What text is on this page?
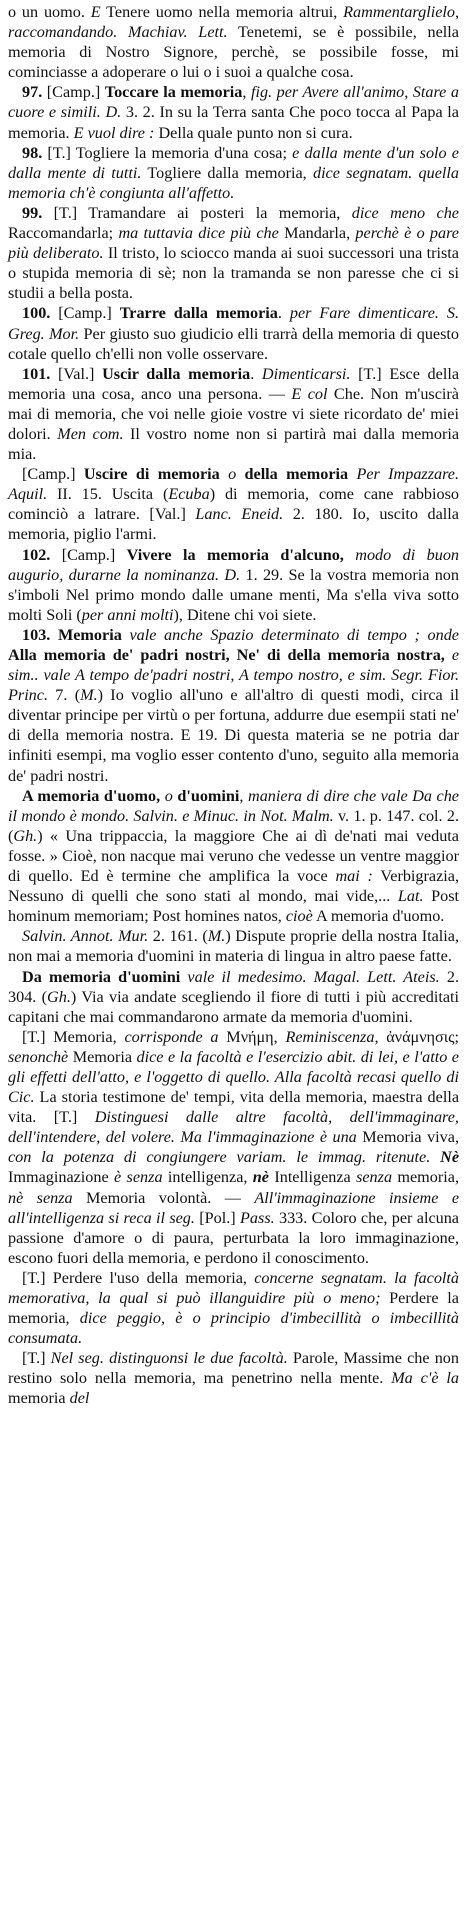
o un uomo. E Tenere uomo nella memoria altrui, Rammentarglielo, raccomandando. Machiav. Lett. Tenetemi, se è possibile, nella memoria di Nostro Signore, perchè, se possibile fosse, mi cominciasse a adoperare o lui o i suoi a qualche cosa.

97. [Camp.] Toccare la memoria, fig. per Avere all'animo, Stare a cuore e simili. D. 3. 2. In su la Terra santa Che poco tocca al Papa la memoria. E vuol dire : Della quale punto non si cura.

98. [T.] Togliere la memoria d'una cosa; e dalla mente d'un solo e dalla mente di tutti. Togliere dalla memoria, dice segnatam. quella memoria ch'è congiunta all'affetto.

99. [T.] Tramandare ai posteri la memoria, dice meno che Raccomandarla; ma tuttavia dice più che Mandarla, perchè è o pare più deliberato. Il tristo, lo sciocco manda ai suoi successori una trista o stupida memoria di sè; non la tramanda se non paresse che ci si studii a bella posta.

100. [Camp.] Trarre dalla memoria. per Fare dimenticare. S. Greg. Mor. Per giusto suo giudicio elli trarrà della memoria di questo cotale quello ch'elli non volle osservare.

101. [Val.] Uscir dalla memoria. Dimenticarsi. [T.] Esce della memoria una cosa, anco una persona. — E col Che. Non m'uscirà mai di memoria, che voi nelle gioie vostre vi siete ricordato de' miei dolori. Men com. Il vostro nome non si partirà mai dalla memoria mia.

[Camp.] Uscire di memoria o della memoria Per Impazzare. Aquil. II. 15. Uscita (Ecuba) di memoria, come cane rabbioso cominciò a latrare. [Val.] Lanc. Eneid. 2. 180. Io, uscito dalla memoria, piglio l'armi.

102. [Camp.] Vivere la memoria d'alcuno, modo di buon augurio, durarne la nominanza. D. 1. 29. Se la vostra memoria non s'imboli Nel primo mondo dalle umane menti, Ma s'ella viva sotto molti Soli (per anni molti), Ditene chi voi siete.

103. Memoria vale anche Spazio determinato di tempo ; onde Alla memoria de' padri nostri, Ne' di della memoria nostra, e sim.. vale A tempo de'padri nostri, A tempo nostro, e sim. Segr. Fior. Princ. 7. (M.) Io voglio all'uno e all'altro di questi modi, circa il diventar principe per virtù o per fortuna, addurre due esempii stati ne' di della memoria nostra. E 19. Di questa materia se ne potria dar infiniti esempi, ma voglio esser contento d'uno, seguito alla memoria de' padri nostri.

A memoria d'uomo, o d'uomini, maniera di dire che vale Da che il mondo è mondo. Salvin. e Minuc. in Not. Malm. v. 1. p. 147. col. 2. (Gh.) « Una trippaccia, la maggiore Che ai dì de'nati mai veduta fosse. » Cioè, non nacque mai veruno che vedesse un ventre maggior di quello. Ed è termine che amplifica la voce mai : Verbigrazia, Nessuno di quelli che sono stati al mondo, mai vide,... Lat. Post hominum memoriam; Post homines natos, cioè A memoria d'uomo.

Salvin. Annot. Mur. 2. 161. (M.) Dispute proprie della nostra Italia, non mai a memoria d'uomini in materia di lingua in altro paese fatte.

Da memoria d'uomini vale il medesimo. Magal. Lett. Ateis. 2. 304. (Gh.) Via via andate scegliendo il fiore di tutti i più accreditati capitani che mai commandarono armate da memoria d'uomini.

[T.] Memoria, corrisponde a Μνήμη, Reminiscenza, ἀνάμνησις; senonchè Memoria dice e la facoltà e l'esercizio abit. di lei, e l'atto e gli effetti dell'atto, e l'oggetto di quello. Alla facoltà recasi quello di Cic. La storia testimone de' tempi, vita della memoria, maestra della vita. [T.] Distinguesi dalle altre facoltà, dell'immaginare, dell'intendere, del volere. Ma l'immaginazione è una Memoria viva, con la potenza di congiungere variam. le immag. ritenute. Nè Immaginazione è senza intelligenza, nè Intelligenza senza memoria, nè senza Memoria volontà. — All'immaginazione insieme e all'intelligenza si reca il seg. [Pol.] Pass. 333. Coloro che, per alcuna passione d'amore o di paura, perturbata la loro immaginazione, escono fuori della memoria, e perdono il conoscimento.

[T.] Perdere l'uso della memoria, concerne segnatam. la facoltà memorativa, la qual si può illanguidire più o meno; Perdere la memoria, dice peggio, è o principio d'imbecillità o imbecillità consumata.

[T.] Nel seg. distinguonsi le due facoltà. Parole, Massime che non restino solo nella memoria, ma penetrino nella mente. Ma c'è la memoria del
